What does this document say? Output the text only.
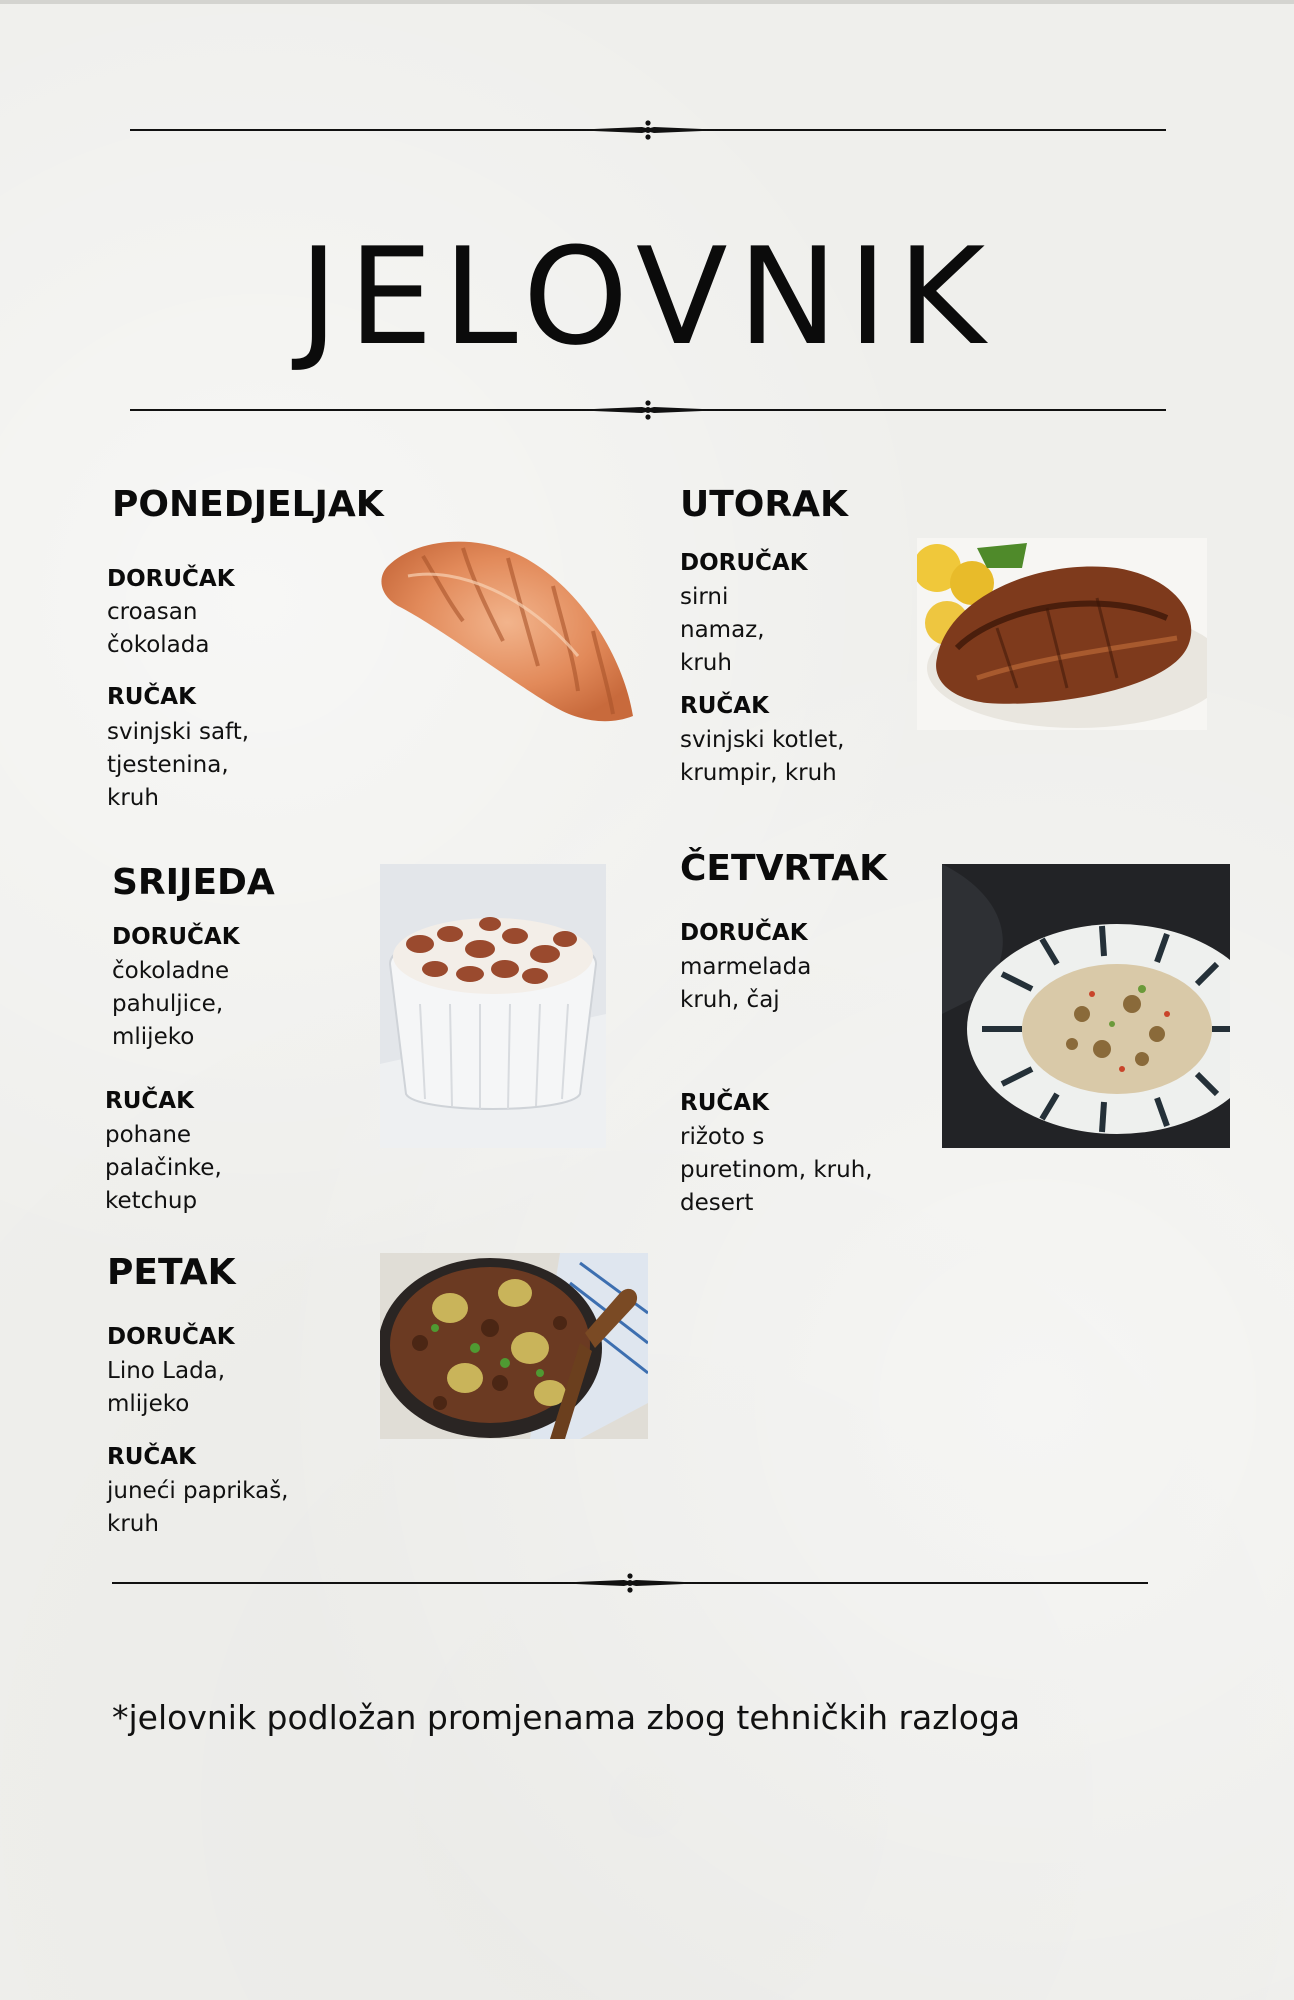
JELOVNIK
PONEDJELJAK
DORUČAK
croasan
čokolada
RUČAK
svinjski saft,
tjestenina,
kruh
UTORAK
DORUČAK
sirni
namaz,
kruh
RUČAK
svinjski kotlet,
krumpir, kruh
SRIJEDA
DORUČAK
čokoladne
pahuljice,
mlijeko
RUČAK
pohane
palačinke,
ketchup
ČETVRTAK
DORUČAK
marmelada
kruh, čaj
RUČAK
rižoto s
puretinom, kruh,
desert
PETAK
DORUČAK
Lino Lada,
mlijeko
RUČAK
juneći paprikaš,
kruh
*jelovnik podložan promjenama zbog tehničkih razloga
